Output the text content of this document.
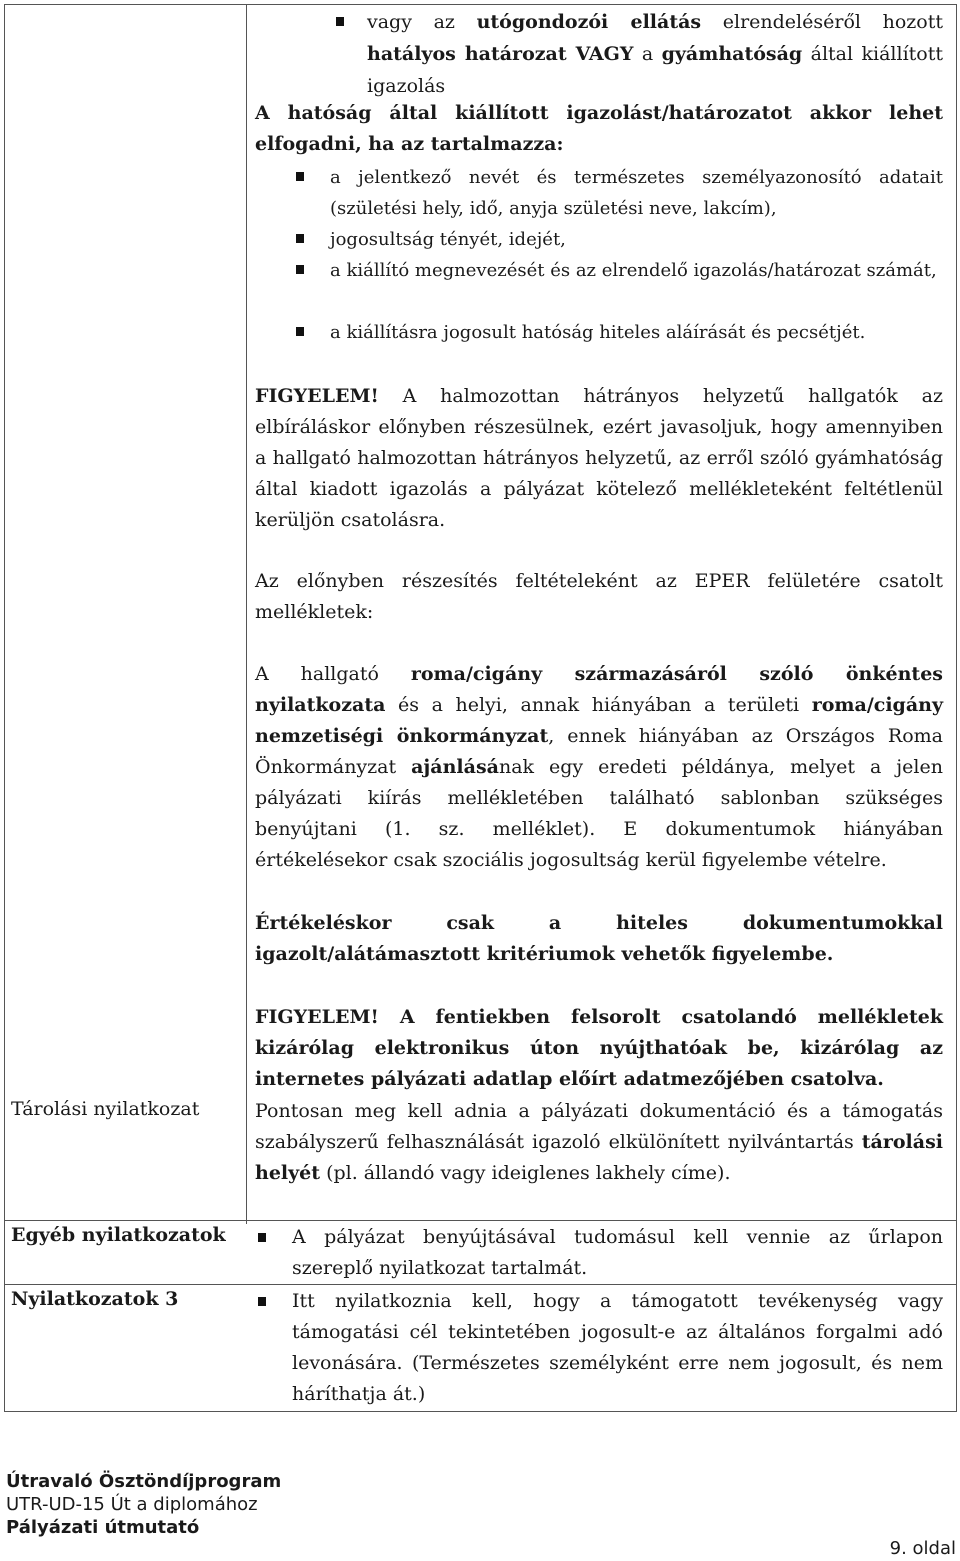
vagy az utógondozói ellátás elrendeléséről hozott hatályos határozat VAGY a gyámhatóság által kiállított igazolás

A hatóság által kiállított igazolást/határozatot akkor lehet elfogadni, ha az tartalmazza:

a jelentkező nevét és természetes személyazonosító adatait (születési hely, idő, anyja születési neve, lakcím),

jogosultság tényét, idejét,

a kiállító megnevezését és az elrendelő igazolás/határozat számát,

a kiállításra jogosult hatóság hiteles aláírását és pecsétjét.

FIGYELEM! A halmozottan hátrányos helyzetű hallgatók az elbíráláskor előnyben részesülnek, ezért javasoljuk, hogy amennyiben a hallgató halmozottan hátrányos helyzetű, az erről szóló gyámhatóság által kiadott igazolás a pályázat kötelező mellékleteként feltétlenül kerüljön csatolásra.

Az előnyben részesítés feltételeként az EPER felületére csatolt mellékletek:

A hallgató roma/cigány származásáról szóló önkéntes nyilatkozata és a helyi, annak hiányában a területi roma/cigány nemzetiségi önkormányzat, ennek hiányában az Országos Roma Önkormányzat ajánlásának egy eredeti példánya, melyet a jelen pályázati kiírás mellékletében található sablonban szükséges benyújtani (1. sz. melléklet). E dokumentumok hiányában értékelésekor csak szociális jogosultság kerül figyelembe vételre.

Értékeléskor csak a hiteles dokumentumokkal igazolt/alátámasztott kritériumok vehetők figyelembe.

FIGYELEM! A fentiekben felsorolt csatolandó mellékletek kizárólag elektronikus úton nyújthatóak be, kizárólag az internetes pályázati adatlap előírt adatmezőjében csatolva.

Tárolási nyilatkozat	Pontosan meg kell adnia a pályázati dokumentáció és a támogatás szabályszerű felhasználását igazoló elkülönített nyilvántartás tárolási helyét (pl. állandó vagy ideiglenes lakhely címe).

Egyéb nyilatkozatok	A pályázat benyújtásával tudomásul kell vennie az űrlapon szereplő nyilatkozat tartalmát.

Nyilatkozatok 3	Itt nyilatkoznia kell, hogy a támogatott tevékenység vagy támogatási cél tekintetében jogosult-e az általános forgalmi adó levonására. (Természetes személyként erre nem jogosult, és nem háríthatja át.)

Útravaló Ösztöndíjprogram
UTR-UD-15 Út a diplomához
Pályázati útmutató
9. oldal
